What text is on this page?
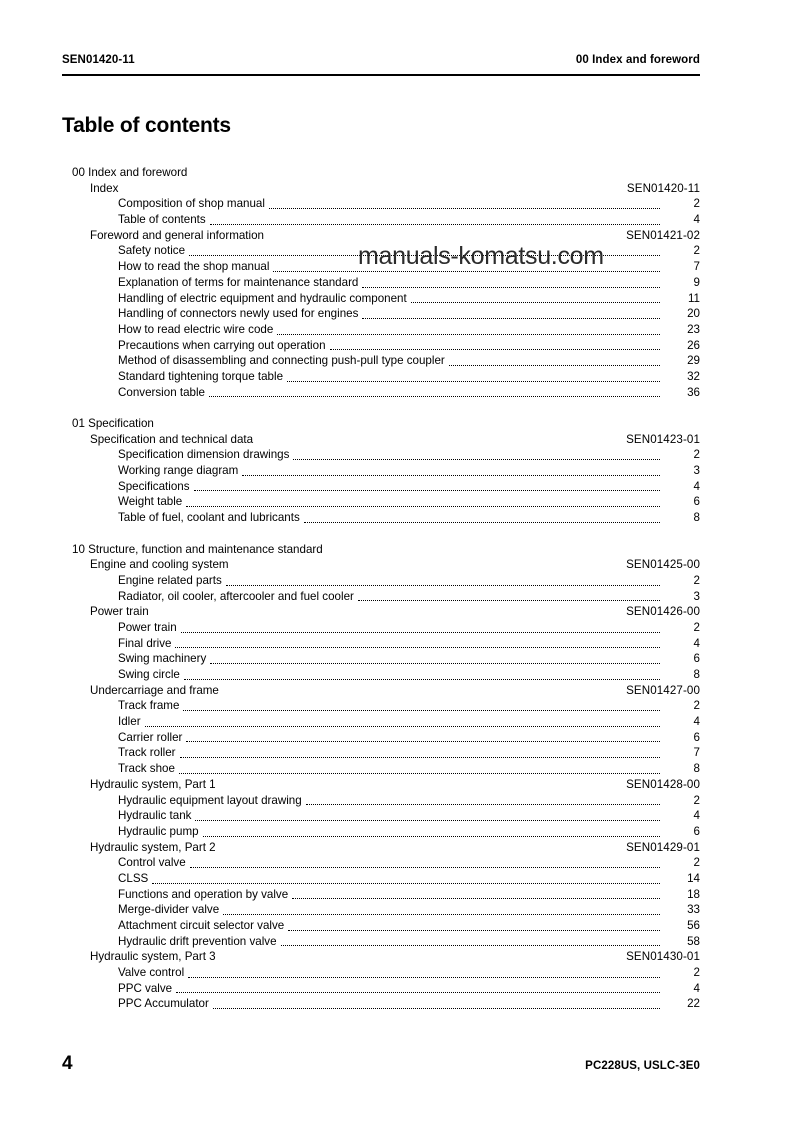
SEN01420-11	00 Index and foreword
Table of contents
00 Index and foreword
Index	SEN01420-11
Composition of shop manual	2
Table of contents	4
Foreword and general information	SEN01421-02
Safety notice	2
How to read the shop manual	7
Explanation of terms for maintenance standard	9
Handling of electric equipment and hydraulic component	11
Handling of connectors newly used for engines	20
How to read electric wire code	23
Precautions when carrying out operation	26
Method of disassembling and connecting push-pull type coupler	29
Standard tightening torque table	32
Conversion table	36
01 Specification
Specification and technical data	SEN01423-01
Specification dimension drawings	2
Working range diagram	3
Specifications	4
Weight table	6
Table of fuel, coolant and lubricants	8
10 Structure, function and maintenance standard
Engine and cooling system	SEN01425-00
Engine related parts	2
Radiator, oil cooler, aftercooler and fuel cooler	3
Power train	SEN01426-00
Power train	2
Final drive	4
Swing machinery	6
Swing circle	8
Undercarriage and frame	SEN01427-00
Track frame	2
Idler	4
Carrier roller	6
Track roller	7
Track shoe	8
Hydraulic system, Part 1	SEN01428-00
Hydraulic equipment layout drawing	2
Hydraulic tank	4
Hydraulic pump	6
Hydraulic system, Part 2	SEN01429-01
Control valve	2
CLSS	14
Functions and operation by valve	18
Merge-divider valve	33
Attachment circuit selector valve	56
Hydraulic drift prevention valve	58
Hydraulic system, Part 3	SEN01430-01
Valve control	2
PPC valve	4
PPC Accumulator	22
manuals-komatsu.com
4	PC228US, USLC-3E0
